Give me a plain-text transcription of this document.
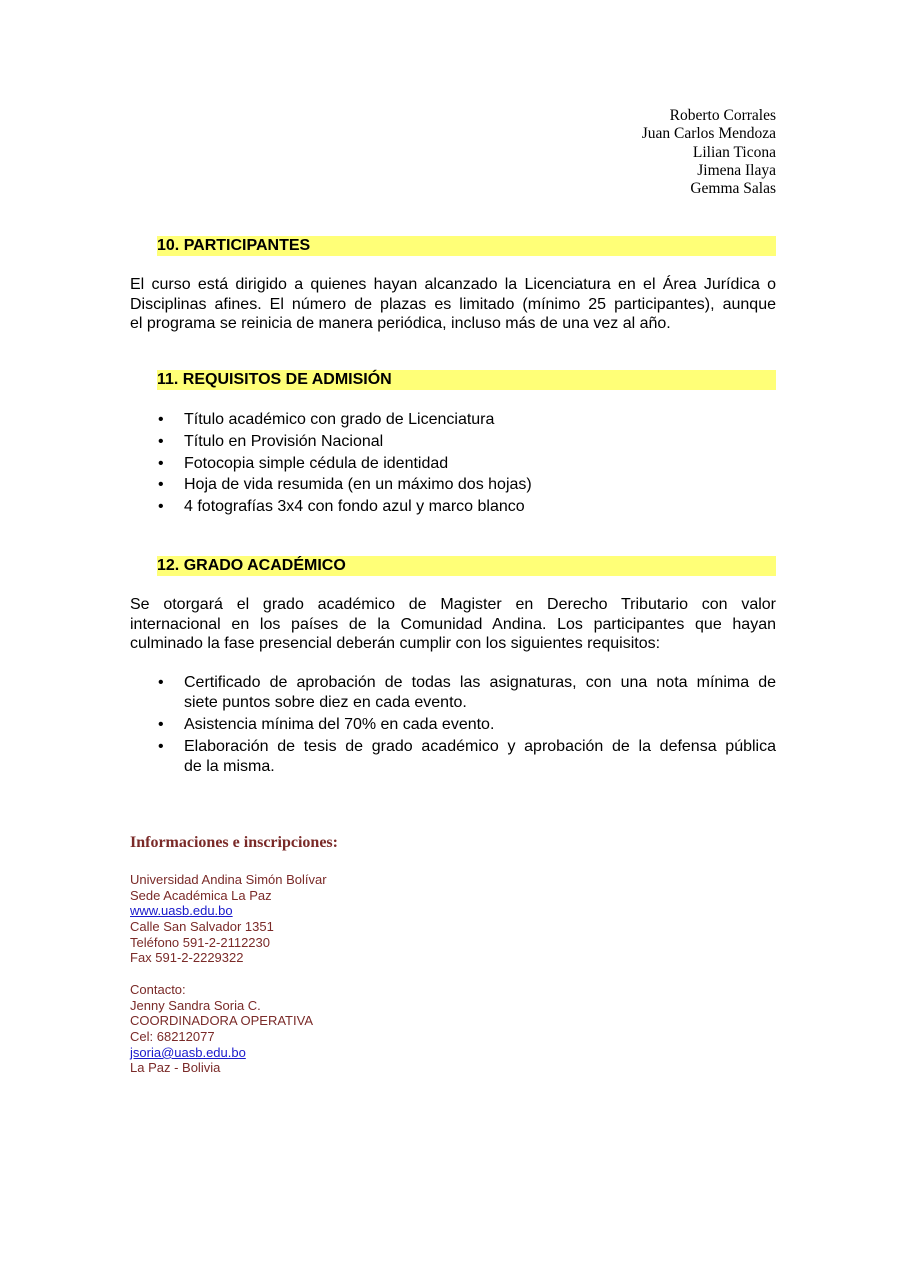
Roberto Corrales
Juan Carlos Mendoza
Lilian Ticona
Jimena Ilaya
Gemma Salas
10. PARTICIPANTES
El curso está dirigido a quienes hayan alcanzado la Licenciatura en el Área Jurídica o
Disciplinas afines. El número de plazas es limitado (mínimo 25 participantes), aunque
el programa se reinicia de manera periódica, incluso más de una vez al año.
11. REQUISITOS DE ADMISIÓN
• Título académico con grado de Licenciatura
• Título en Provisión Nacional
• Fotocopia simple cédula de identidad
• Hoja de vida resumida (en un máximo dos hojas)
• 4 fotografías 3x4 con fondo azul y marco blanco
12. GRADO ACADÉMICO
Se otorgará el grado académico de Magister en Derecho Tributario con valor
internacional en los países de la Comunidad Andina. Los participantes que hayan
culminado la fase presencial deberán cumplir con los siguientes requisitos:
• Certificado de aprobación de todas las asignaturas, con una nota mínima de
siete puntos sobre diez en cada evento.
• Asistencia mínima del 70% en cada evento.
• Elaboración de tesis de grado académico y aprobación de la defensa pública
de la misma.
Informaciones e inscripciones:
Universidad Andina Simón Bolívar
Sede Académica La Paz
www.uasb.edu.bo
Calle San Salvador 1351
Teléfono 591-2-2112230
Fax 591-2-2229322
Contacto:
Jenny Sandra Soria C.
COORDINADORA OPERATIVA
Cel: 68212077
jsoria@uasb.edu.bo
La Paz - Bolivia
